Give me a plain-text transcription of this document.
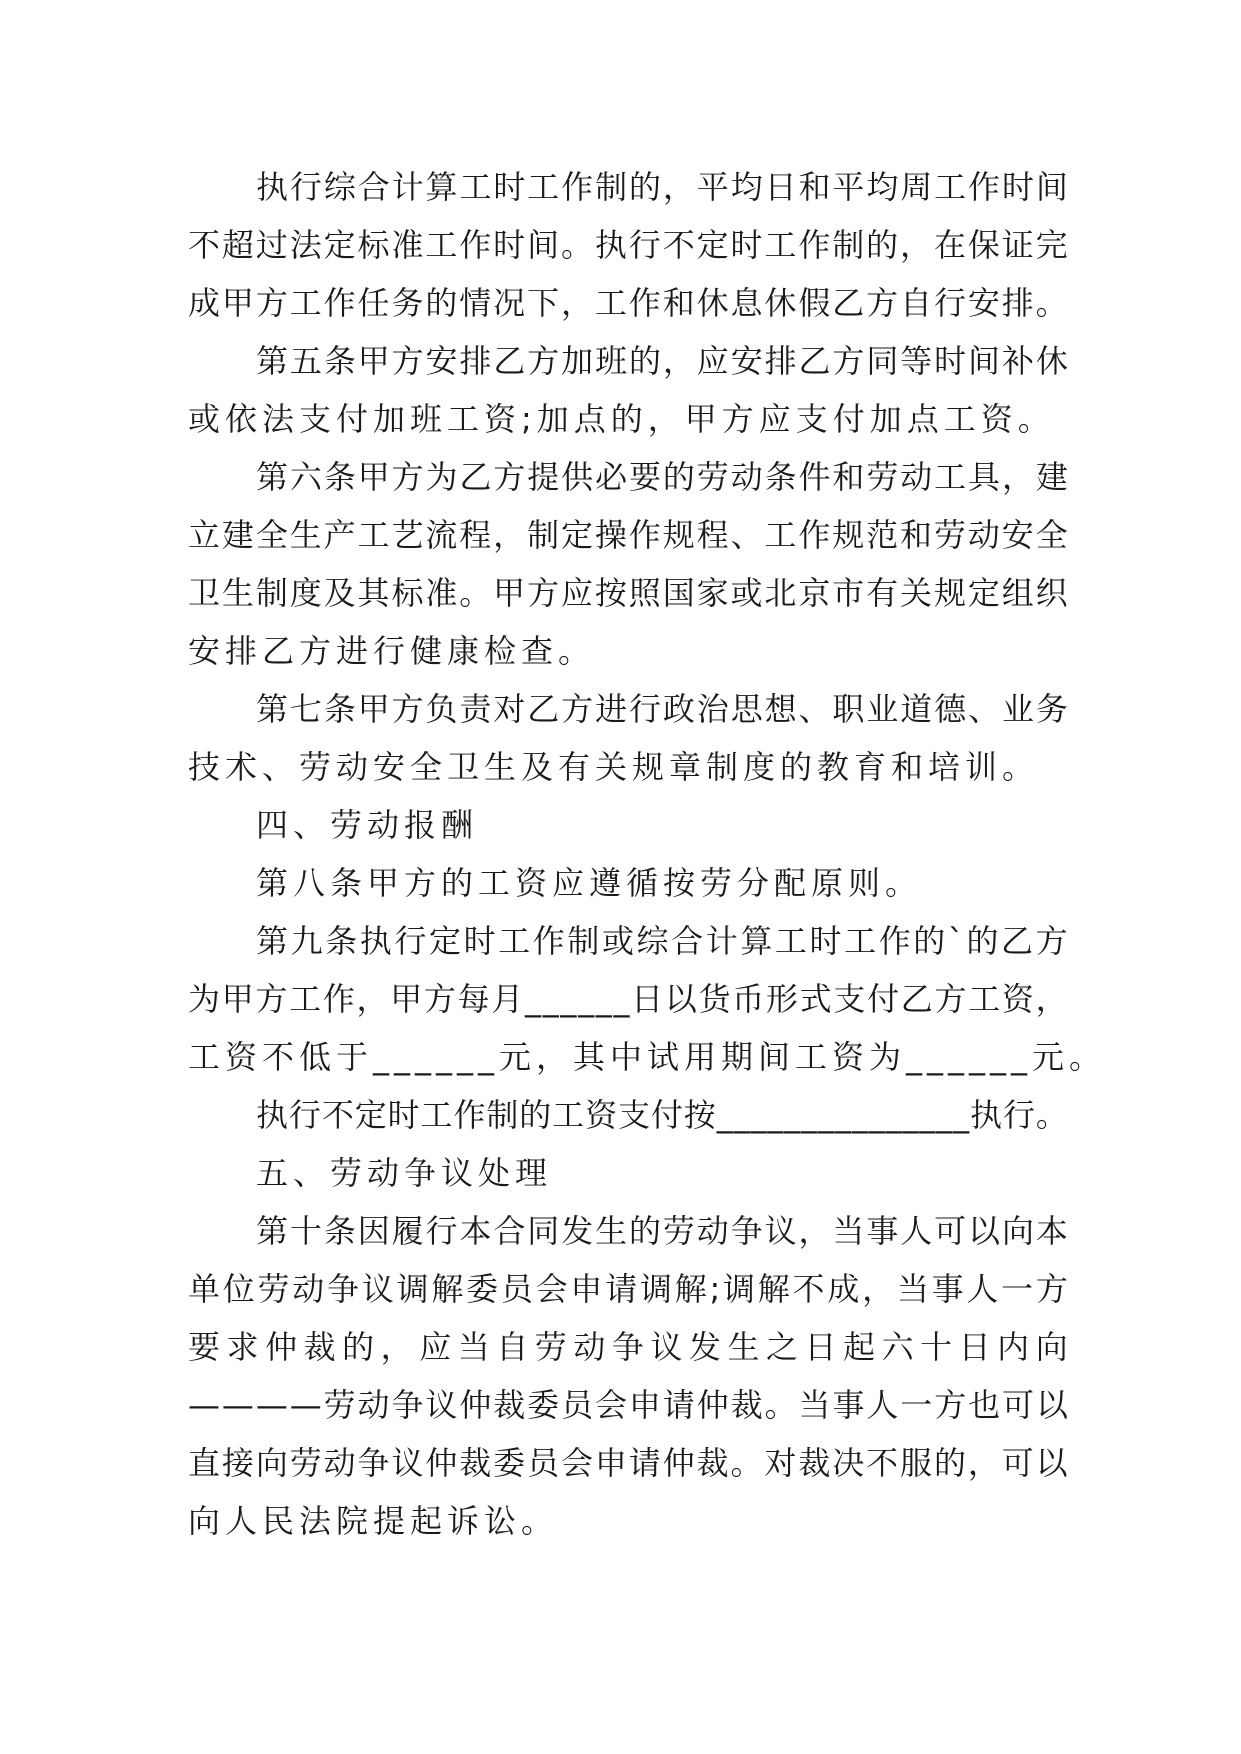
执 行 综 合 计 算 工 时 工 作 制 的 ， 平 均 日 和 平 均 周 工 作 时 间
不 超 过 法 定 标 准 工 作 时 间 。 执 行 不 定 时 工 作 制 的 ， 在 保 证 完
成 甲 方 工 作 任 务 的 情 况 下 ， 工 作 和 休 息 休 假 乙 方 自 行 安 排 。
第 五 条 甲 方 安 排 乙 方 加 班 的 ， 应 安 排 乙 方 同 等 时 间 补 休
或依法支付加班工资;加点的，甲方应支付加点工资。
第 六 条 甲 方 为 乙 方 提 供 必 要 的 劳 动 条 件 和 劳 动 工 具 ， 建
立 建 全 生 产 工 艺 流 程 ， 制 定 操 作 规 程 、 工 作 规 范 和 劳 动 安 全
卫 生 制 度 及 其 标 准 。 甲 方 应 按 照 国 家 或 北 京 市 有 关 规 定 组 织
安排乙方进行健康检查。
第 七 条 甲 方 负 责 对 乙 方 进 行 政 治 思 想 、 职 业 道 德 、 业 务
技术、劳动安全卫生及有关规章制度的教育和培训。
四、劳动报酬
第八条甲方的工资应遵循按劳分配原则。
第 九 条 执 行 定 时 工 作 制 或 综 合 计 算 工 时 工 作 的 ` 的 乙 方
为 甲 方 工 作 ， 甲 方 每 月 _ _ _ _ _ _ 日 以 货 币 形 式 支 付 乙 方 工 资 ，
工资不低于______元，其中试用期间工资为______元。
执 行 不 定 时 工 作 制 的 工 资 支 付 按 _ _ _ _ _ _ _ _ _ _ _ _ _ _ _ 执 行 。
五、劳动争议处理
第 十 条 因 履 行 本 合 同 发 生 的 劳 动 争 议 ， 当 事 人 可 以 向 本
单 位 劳 动 争 议 调 解 委 员 会 申 请 调 解 ; 调 解 不 成 ， 当 事 人 一 方
要 求 仲 裁 的 ， 应 当 自 劳 动 争 议 发 生 之 日 起 六 十 日 内 向
— — — — 劳 动 争 议 仲 裁 委 员 会 申 请 仲 裁 。 当 事 人 一 方 也 可 以
直 接 向 劳 动 争 议 仲 裁 委 员 会 申 请 仲 裁 。 对 裁 决 不 服 的 ， 可 以
向人民法院提起诉讼。
